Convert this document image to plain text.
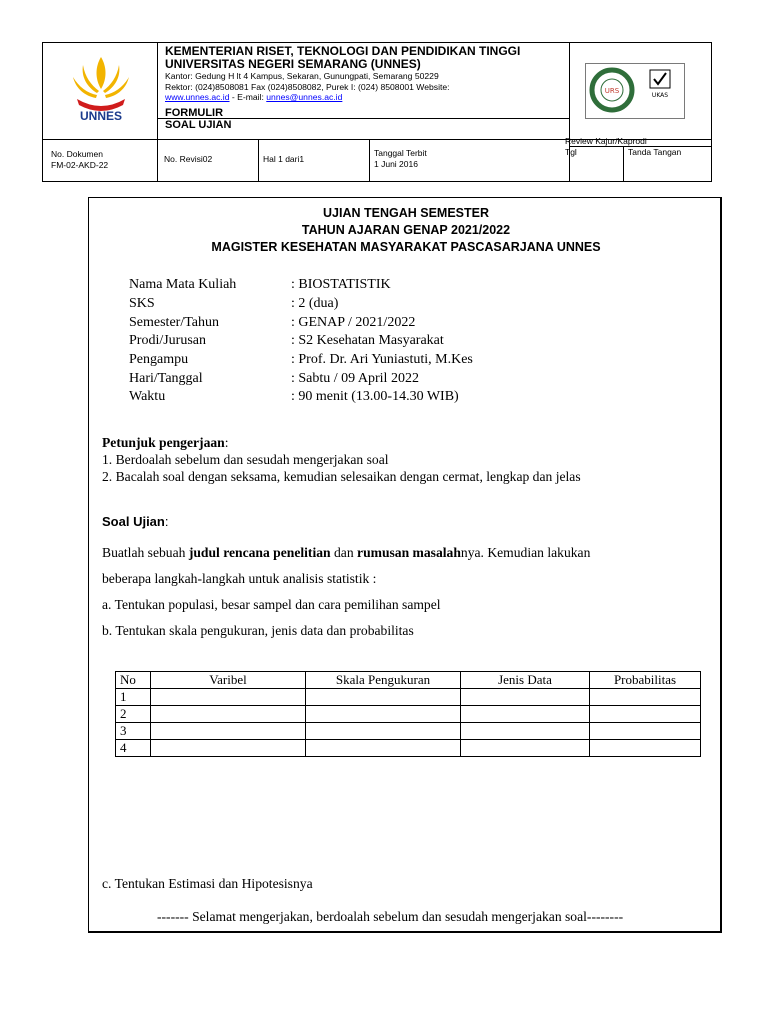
UNNES
KEMENTERIAN RISET, TEKNOLOGI DAN PENDIDIKAN TINGGI
UNIVERSITAS NEGERI SEMARANG (UNNES)
Kantor: Gedung H lt 4 Kampus, Sekaran, Gunungpati, Semarang 50229
Rektor: (024)8508081 Fax (024)8508082, Purek I: (024) 8508001 Website:
www.unnes.ac.id - E-mail: unnes@unnes.ac.id
FORMULIR
SOAL UJIAN
URS
UKAS
No. Dokumen
FM-02-AKD-22
No. Revisi02	Hal 1 dari1
Tanggal Terbit
1 Juni 2016
Review Kajur/Kaprodi
Tgl	Tanda Tangan
UJIAN TENGAH SEMESTER
TAHUN AJARAN GENAP 2021/2022
MAGISTER KESEHATAN MASYARAKAT PASCASARJANA UNNES
Nama Mata Kuliah	: BIOSTATISTIK
SKS	: 2 (dua)
Semester/Tahun	: GENAP / 2021/2022
Prodi/Jurusan	: S2 Kesehatan Masyarakat
Pengampu	: Prof. Dr. Ari Yuniastuti, M.Kes
Hari/Tanggal	: Sabtu / 09 April 2022
Waktu	: 90 menit (13.00-14.30 WIB)
Petunjuk pengerjaan:
1. Berdoalah sebelum dan sesudah mengerjakan soal
2. Bacalah soal dengan seksama, kemudian selesaikan dengan cermat, lengkap dan jelas
Soal Ujian:
Buatlah sebuah judul rencana penelitian dan rumusan masalahnya. Kemudian lakukan
beberapa langkah-langkah untuk analisis statistik :
a. Tentukan populasi, besar sampel dan cara pemilihan sampel
b. Tentukan skala pengukuran, jenis data dan probabilitas
No	Varibel	Skala Pengukuran	Jenis Data	Probabilitas
1				
2				
3				
4				
c. Tentukan Estimasi dan Hipotesisnya
------- Selamat mengerjakan, berdoalah sebelum dan sesudah mengerjakan soal--------
